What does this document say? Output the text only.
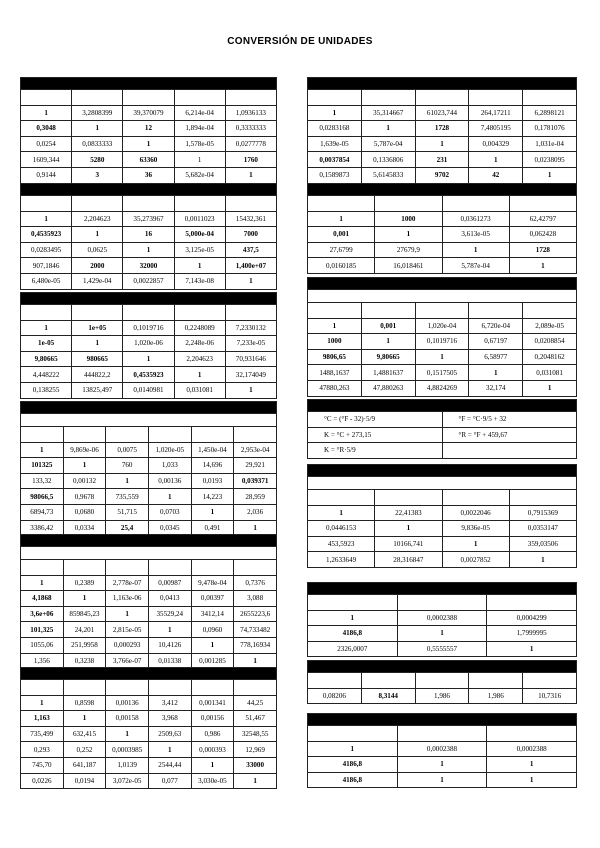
CONVERSIÓN DE UNIDADES

1	3,2808399	39,370079	6,214e-04	1,0936133
0,3048	1	12	1,894e-04	0,3333333
0,0254	0,0833333	1	1,578e-05	0,0277778
1609,344	5280	63360	1	1760
0,9144	3	36	5,682e-04	1

1	2,204623	35,273967	0,0011023	15432,361
0,4535923	1	16	5,000e-04	7000
0,0283495	0,0625	1	3,125e-05	437,5
907,1846	2000	32000	1	1,400e+07
6,480e-05	1,429e-04	0,0022857	7,143e-08	1

1	1e+05	0,1019716	0,2248089	7,2330132
1e-05	1	1,020e-06	2,248e-06	7,233e-05
9,80665	980665	1	2,204623	70,931646
4,448222	444822,2	0,4535923	1	32,174049
0,138255	13825,497	0,0140981	0,031081	1

1	9,869e-06	0,0075	1,020e-05	1,450e-04	2,953e-04
101325	1	760	1,033	14,696	29,921
133,32	0,00132	1	0,00136	0,0193	0,039371
98066,5	0,9678	735,559	1	14,223	28,959
6894,73	0,0680	51,715	0,0703	1	2,036
3386,42	0,0334	25,4	0,0345	0,491	1

1	0,2389	2,778e-07	0,00987	9,478e-04	0,7376
4,1868	1	1,163e-06	0,0413	0,00397	3,088
3,6e+06	859845,23	1	35529,24	3412,14	2655223,6
101,325	24,201	2,815e-05	1	0,0960	74,733482
1055,06	251,9958	0,000293	10,4126	1	778,16934
1,356	0,3238	3,766e-07	0,01338	0,001285	1

1	0,8598	0,00136	3,412	0,001341	44,25
1,163	1	0,00158	3,968	0,00156	51,467
735,499	632,415	1	2509,63	0,986	32548,55
0,293	0,252	0,0003985	1	0,000393	12,969
745,70	641,187	1,0139	2544,44	1	33000
0,0226	0,0194	3,072e-05	0,077	3,030e-05	1

1	35,314667	61023,744	264,17211	6,2898121
0,0283168	1	1728	7,4805195	0,1781076
1,639e-05	5,787e-04	1	0,004329	1,031e-04
0,0037854	0,1336806	231	1	0,0238095
0,1589873	5,6145833	9702	42	1

1	1000	0,0361273	62,42797
0,001	1	3,613e-05	0,062428
27,6799	27679,9	1	1728
0,0160185	16,018461	5,787e-04	1

1	0,001	1,020e-04	6,720e-04	2,089e-05
1000	1	0,1019716	0,67197	0,0208854
9806,65	9,80665	1	6,58977	0,2048162
1488,1637	1,4881637	0,1517505	1	0,031081
47880,263	47,880263	4,8824269	32,174	1

°C = (°F - 32)·5/9	°F = °C·9/5 + 32
K = °C + 273,15	°R = °F + 459,67
K = °R·5/9	

1	22,41383	0,0022046	0,7915369
0,0446153	1	9,836e-05	0,0353147
453,5923	10166,741	1	359,03506
1,2633649	28,316847	0,0027852	1

1	0,0002388	0,0004299
4186,8	1	1,7999995
2326,0007	0,5555557	1

0,08206	8,3144	1,986	1,986	10,7316

1	0,0002388	0,0002388
4186,8	1	1
4186,8	1	1
